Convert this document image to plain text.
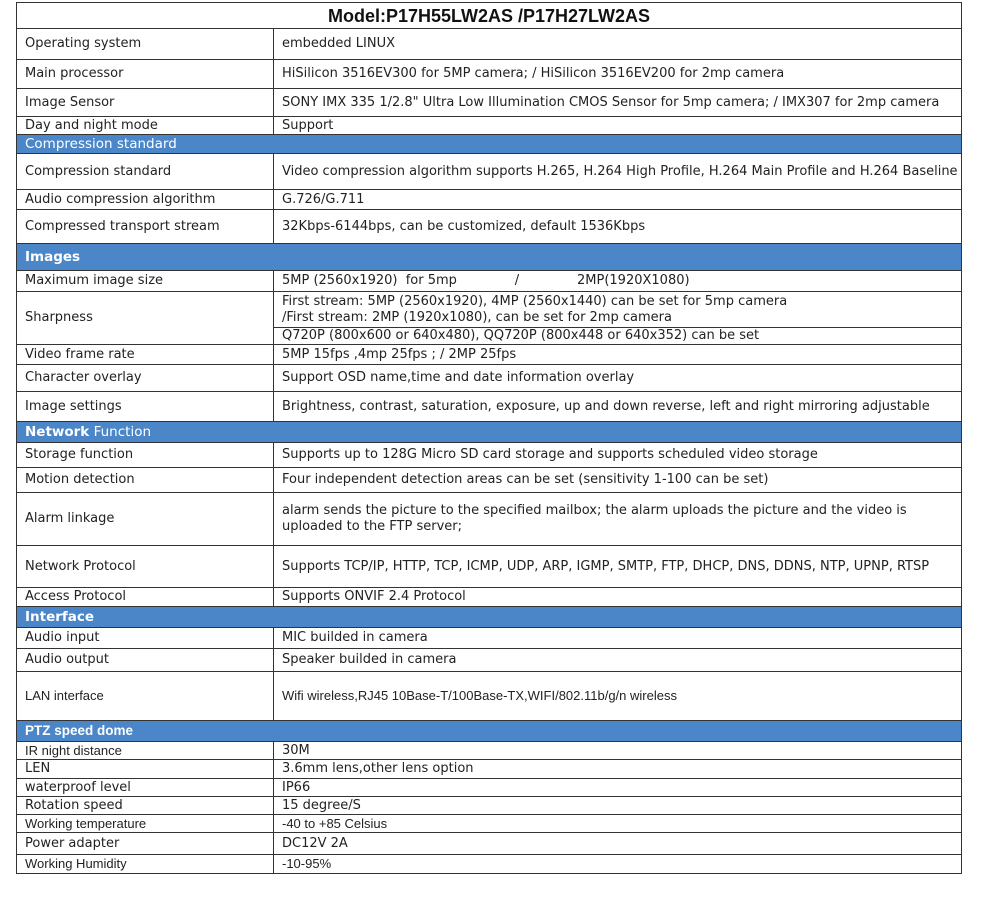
Model:P17H55LW2AS /P17H27LW2AS	
Operating system	embedded LINUX
Main processor	HiSilicon 3516EV300 for 5MP camera; / HiSilicon 3516EV200 for 2mp camera
Image Sensor	SONY IMX 335 1/2.8" Ultra Low Illumination CMOS Sensor for 5mp camera; / IMX307 for 2mp camera
Day and night mode	Support
Compression standard	
Compression standard	Video compression algorithm supports H.265, H.264 High Profile, H.264 Main Profile and H.264 Baseline
Audio compression algorithm	G.726/G.711
Compressed transport stream	32Kbps-6144bps, can be customized, default 1536Kbps
Images	
Maximum image size	5MP (2560x1920)  for 5mp              /              2MP(1920X1080)
Sharpness	First stream: 5MP (2560x1920), 4MP (2560x1440) can be set for 5mp camera
/First stream: 2MP (1920x1080), can be set for 2mp camera

	Q720P (800x600 or 640x480), QQ720P (800x448 or 640x352) can be set
Video frame rate	5MP 15fps ,4mp 25fps ; / 2MP 25fps
Character overlay	Support OSD name,time and date information overlay
Image settings	Brightness, contrast, saturation, exposure, up and down reverse, left and right mirroring adjustable
Network Function	
Storage function	Supports up to 128G Micro SD card storage and supports scheduled video storage
Motion detection	Four independent detection areas can be set (sensitivity 1-100 can be set)
Alarm linkage	alarm sends the picture to the specified mailbox; the alarm uploads the picture and the video is uploaded to the FTP server;
Network Protocol	Supports TCP/IP, HTTP, TCP, ICMP, UDP, ARP, IGMP, SMTP, FTP, DHCP, DNS, DDNS, NTP, UPNP, RTSP
Access Protocol	Supports ONVIF 2.4 Protocol
Interface	
Audio input	MIC builded in camera
Audio output	Speaker builded in camera
LAN interface	Wifi wireless,RJ45 10Base-T/100Base-TX,WIFI/802.11b/g/n wireless
PTZ speed dome	
IR night distance	30M
LEN	3.6mm lens,other lens option
waterproof level	IP66
Rotation speed	15 degree/S
Working temperature	-40 to +85 Celsius
Power adapter	DC12V 2A
Working Humidity	-10-95%
